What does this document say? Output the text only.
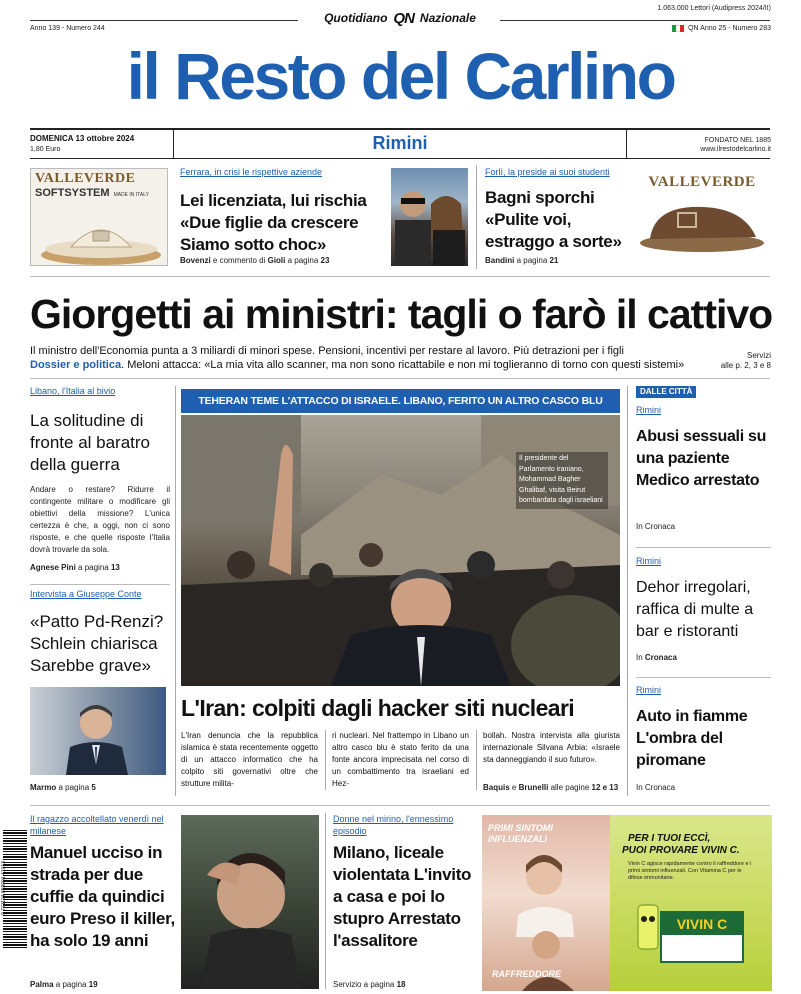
Quotidiano QN Nazionale
1.063.000 Lettori (Audipress 2024/II)
Anno 139 - Numero 244	QN Anno 25 - Numero 283
il Resto del Carlino
DOMENICA 13 ottobre 2024
1,80 Euro	Rimini	FONDATO NEL 1885
www.ilrestodelcarlino.it
VALLEVERDE
SOFTSYSTEM MADE IN ITALY
Ferrara, in crisi le rispettive aziende
Lei licenziata, lui rischia «Due figlie da crescere Siamo sotto choc»
Bovenzi e commento di Gioli a pagina 23
Forlì, la preside ai suoi studenti
Bagni sporchi «Pulite voi, estraggo a sorte»
Bandini a pagina 21
VALLEVERDE
Giorgetti ai ministri: tagli o farò il cattivo
Il ministro dell'Economia punta a 3 miliardi di minori spese. Pensioni, incentivi per restare al lavoro. Più detrazioni per i figli
Dossier e politica. Meloni attacca: «La mia vita allo scanner, ma non sono ricattabile e non mi toglieranno di torno con questi sistemi»
Servizi
alle p. 2, 3 e 8
Libano, l'Italia al bivio
La solitudine di fronte al baratro della guerra
Andare o restare? Ridurre il contingente militare o modificare gli obiettivi della missione? L'unica certezza è che, a oggi, non ci sono risposte, e che quelle risposte l'Italia dovrà trovarle da sola.
Agnese Pini a pagina 13
Intervista a Giuseppe Conte
«Patto Pd-Renzi? Schlein chiarisca Sarebbe grave»
Marmo a pagina 5
TEHERAN TEME L'ATTACCO DI ISRAELE. LIBANO, FERITO UN ALTRO CASCO BLU
Il presidente del Parlamento iraniano, Mohammad Bagher Ghalibaf, visita Beirut bombardata dagli israeliani
L'Iran: colpiti dagli hacker siti nucleari
L'Iran denuncia che la repubblica islamica è stata recentemente oggetto di un attacco informatico che ha colpito siti governativi oltre che strutture milita-
ri nucleari. Nel frattempo in Libano un altro casco blu è stato ferito da una fonte ancora imprecisata nel corso di un combattimento tra israeliani ed Hez-
bollah. Nostra intervista alla giurista internazionale Silvana Arbia: «Israele sta danneggiando il suo futuro».
Baquis e Brunelli alle pagine 12 e 13
DALLE CITTÀ
Rimini
Abusi sessuali su una paziente Medico arrestato
In Cronaca
Rimini
Dehor irregolari, raffica di multe a bar e ristoranti
In Cronaca
Rimini
Auto in fiamme L'ombra del piromane
In Cronaca
9 771124 859001 41013
Il ragazzo accoltellato venerdì nel milanese
Manuel ucciso in strada per due cuffie da quindici euro Preso il killer, ha solo 19 anni
Palma a pagina 19
Donne nel mirino, l'ennessimo episodio
Milano, liceale violentata L'invito a casa e poi lo stupro Arrestato l'assalitore
Servizio a pagina 18
PRIMI SINTOMI INFLUENZALI
RAFFREDDORE
PER I TUOI ECCÌ,
PUOI PROVARE VIVIN C.
Vivin C agisce rapidamente contro il raffreddore e i primi sintomi influenzali. Con Vitamina C per le difese immunitarie.
VIVIN C
